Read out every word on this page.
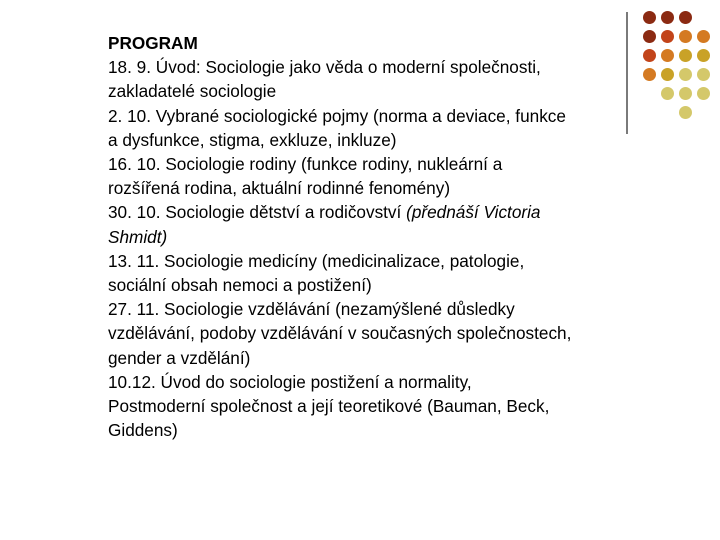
PROGRAM
18. 9. Úvod: Sociologie jako věda o moderní společnosti,
zakladatelé sociologie
2. 10. Vybrané sociologické pojmy (norma a deviace, funkce
a dysfunkce, stigma, exkluze, inkluze)
16. 10. Sociologie rodiny (funkce rodiny, nukleární a
rozšířená rodina, aktuální rodinné fenomény)
30. 10. Sociologie dětství a rodičovství (přednáší Victoria
Shmidt)
13. 11. Sociologie medicíny (medicinalizace, patologie,
sociální obsah nemoci a postižení)
27. 11. Sociologie vzdělávání (nezamýšlené důsledky
vzdělávání, podoby vzdělávání v současných společnostech,
gender a vzdělání)
10.12. Úvod do sociologie postižení a normality,
Postmoderní společnost a její teoretikové (Bauman, Beck,
Giddens)
